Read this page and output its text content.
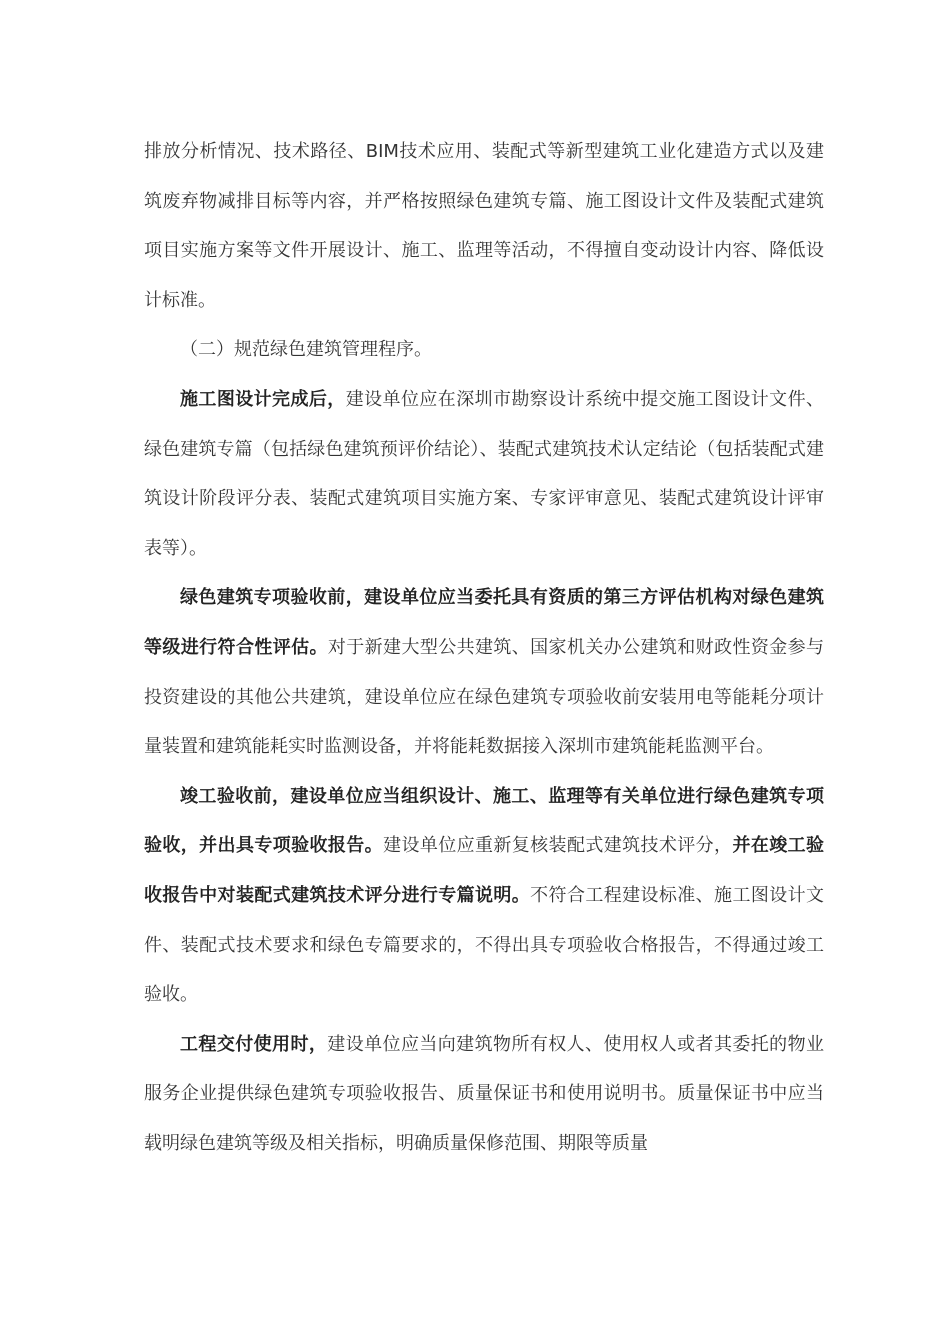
排放分析情况、技术路径、BIM技术应用、装配式等新型建筑工业化建造方式以及建筑废弃物减排目标等内容，并严格按照绿色建筑专篇、施工图设计文件及装配式建筑项目实施方案等文件开展设计、施工、监理等活动，不得擅自变动设计内容、降低设计标准。

（二）规范绿色建筑管理程序。

施工图设计完成后，建设单位应在深圳市勘察设计系统中提交施工图设计文件、绿色建筑专篇（包括绿色建筑预评价结论）、装配式建筑技术认定结论（包括装配式建筑设计阶段评分表、装配式建筑项目实施方案、专家评审意见、装配式建筑设计评审表等）。

绿色建筑专项验收前，建设单位应当委托具有资质的第三方评估机构对绿色建筑等级进行符合性评估。对于新建大型公共建筑、国家机关办公建筑和财政性资金参与投资建设的其他公共建筑，建设单位应在绿色建筑专项验收前安装用电等能耗分项计量装置和建筑能耗实时监测设备，并将能耗数据接入深圳市建筑能耗监测平台。

竣工验收前，建设单位应当组织设计、施工、监理等有关单位进行绿色建筑专项验收，并出具专项验收报告。建设单位应重新复核装配式建筑技术评分，并在竣工验收报告中对装配式建筑技术评分进行专篇说明。不符合工程建设标准、施工图设计文件、装配式技术要求和绿色专篇要求的，不得出具专项验收合格报告，不得通过竣工验收。

工程交付使用时，建设单位应当向建筑物所有权人、使用权人或者其委托的物业服务企业提供绿色建筑专项验收报告、质量保证书和使用说明书。质量保证书中应当载明绿色建筑等级及相关指标，明确质量保修范围、期限等质量
